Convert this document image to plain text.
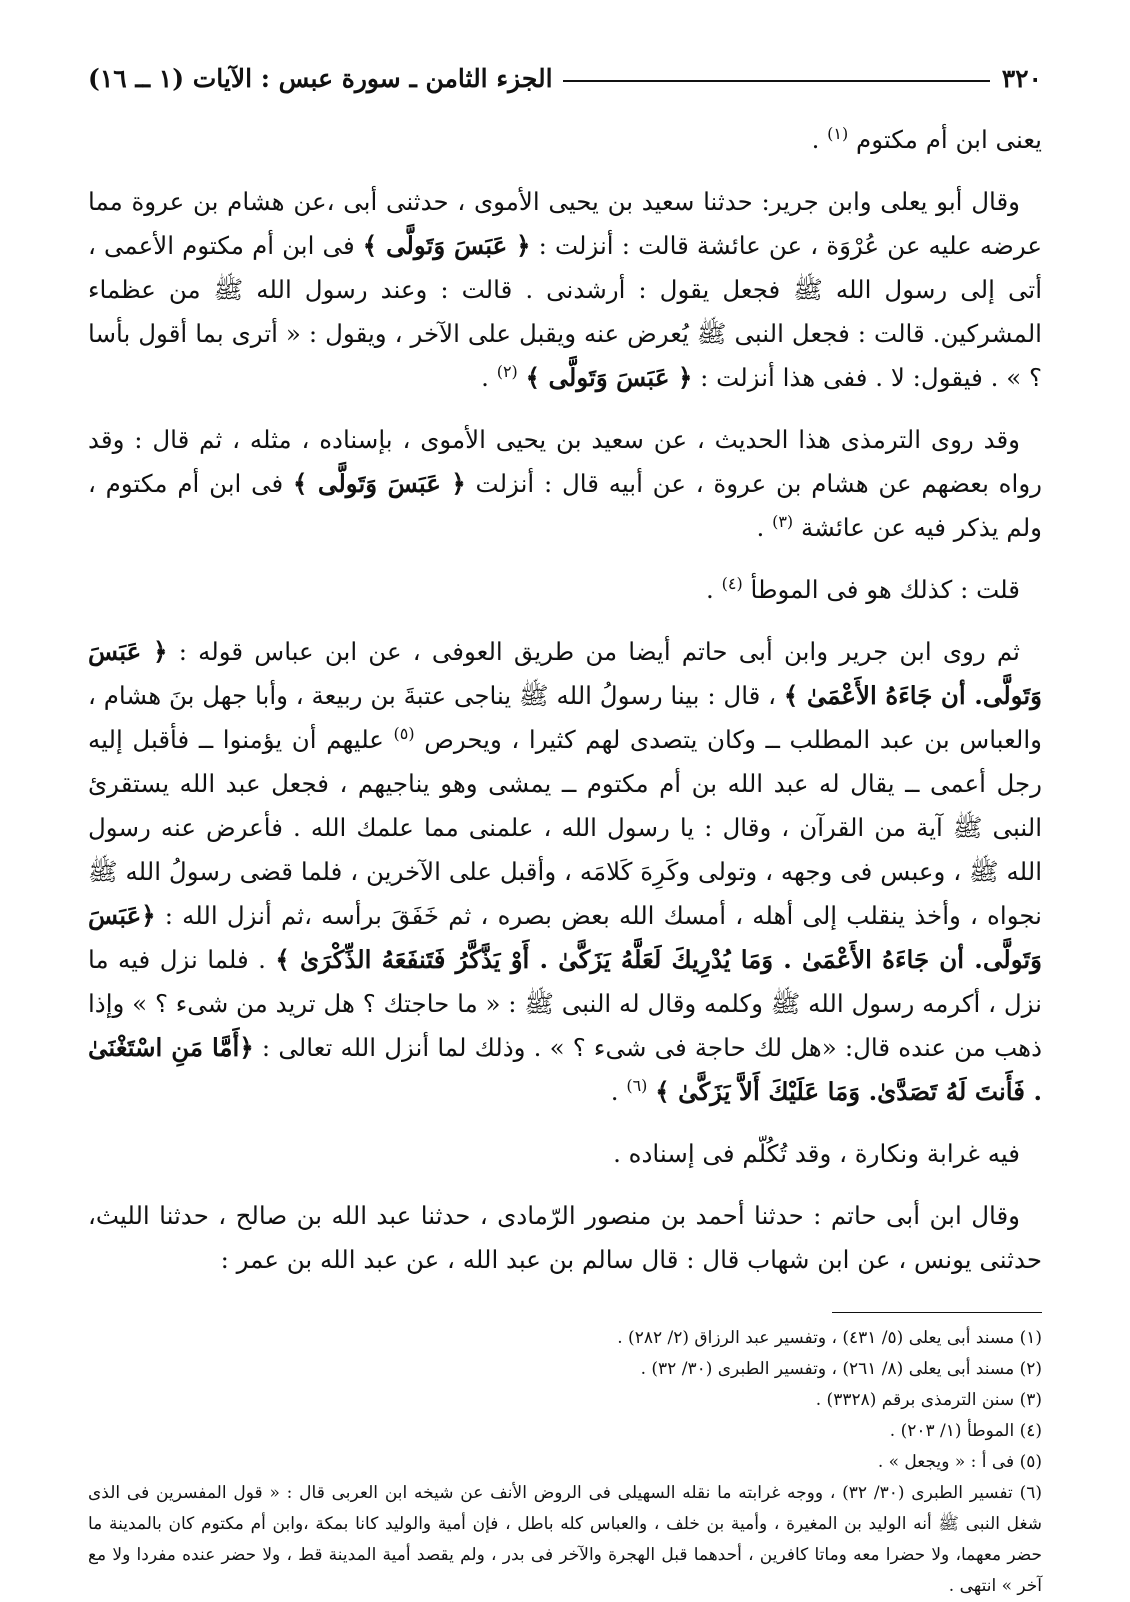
٣٢٠
الجزء الثامن ـ سورة عبس : الآيات (١ ــ ١٦)

يعنى ابن أم مكتوم $^{(١)}$ .

وقال أبو يعلى وابن جرير: حدثنا سعيد بن يحيى الأموى ، حدثنى أبى ،عن هشام بن عروة مما عرضه عليه عن عُرْوَة ، عن عائشة قالت : أنزلت : ﴿ عَبَسَ وَتَولَّى ﴾ فى ابن أم مكتوم الأعمى ، أتى إلى رسول الله ﷺ فجعل يقول : أرشدنى . قالت : وعند رسول الله ﷺ من عظماء المشركين. قالت : فجعل النبى ﷺ يُعرض عنه ويقبل على الآخر ، ويقول : « أترى بما أقول بأسا ؟ » . فيقول: لا . ففى هذا أنزلت : ﴿ عَبَسَ وَتَولَّى ﴾ $^{(٢)}$ .

وقد روى الترمذى هذا الحديث ، عن سعيد بن يحيى الأموى ، بإسناده ، مثله ، ثم قال : وقد رواه بعضهم عن هشام بن عروة ، عن أبيه قال : أنزلت ﴿ عَبَسَ وَتَولَّى ﴾ فى ابن أم مكتوم ، ولم يذكر فيه عن عائشة $^{(٣)}$ .

قلت : كذلك هو فى الموطأ $^{(٤)}$ .

ثم روى ابن جرير وابن أبى حاتم أيضا من طريق العوفى ، عن ابن عباس قوله : ﴿ عَبَسَ وَتَولَّى. أن جَاءَهُ الأَعْمَىٰ ﴾ ، قال : بينا رسولُ الله ﷺ يناجى عتبةَ بن ربيعة ، وأبا جهل بنَ هشام ، والعباس بن عبد المطلب ــ وكان يتصدى لهم كثيرا ، ويحرص $^{(٥)}$ عليهم أن يؤمنوا ــ فأقبل إليه رجل أعمى ــ يقال له عبد الله بن أم مكتوم ــ يمشى وهو يناجيهم ، فجعل عبد الله يستقرئ النبى ﷺ آية من القرآن ، وقال : يا رسول الله ، علمنى مما علمك الله . فأعرض عنه رسول الله ﷺ ، وعبس فى وجهه ، وتولى وكَرِهَ كَلامَه ، وأقبل على الآخرين ، فلما قضى رسولُ الله ﷺ نجواه ، وأخذ ينقلب إلى أهله ، أمسك الله بعض بصره ، ثم خَفَقَ برأسه ،ثم أنزل الله : ﴿عَبَسَ وَتَولَّى. أن جَاءَهُ الأَعْمَىٰ . وَمَا يُدْرِيكَ لَعَلَّهُ يَزَكَّىٰ . أَوْ يَذَّكَّرُ فَتَنفَعَهُ الذِّكْرَىٰ ﴾ . فلما نزل فيه ما نزل ، أكرمه رسول الله ﷺ وكلمه وقال له النبى ﷺ : « ما حاجتك ؟ هل تريد من شىء ؟ » وإذا ذهب من عنده قال: «هل لك حاجة فى شىء ؟ » . وذلك لما أنزل الله تعالى : ﴿أَمَّا مَنِ اسْتَغْنَىٰ . فَأَنتَ لَهُ تَصَدَّىٰ. وَمَا عَلَيْكَ أَلاَّ يَزَكَّىٰ ﴾ $^{(٦)}$ .

فيه غرابة ونكارة ، وقد تُكُلّم فى إسناده .

وقال ابن أبى حاتم : حدثنا أحمد بن منصور الرّمادى ، حدثنا عبد الله بن صالح ، حدثنا الليث، حدثنى يونس ، عن ابن شهاب قال : قال سالم بن عبد الله ، عن عبد الله بن عمر :

(١) مسند أبى يعلى (٥/ ٤٣١) ، وتفسير عبد الرزاق (٢/ ٢٨٢) .

(٢) مسند أبى يعلى (٨/ ٢٦١) ، وتفسير الطبرى (٣٠/ ٣٢) .

(٣) سنن الترمذى برقم (٣٣٢٨) .

(٤) الموطأ (١/ ٢٠٣) .

(٥) فى أ : « ويجعل » .

(٦) تفسير الطبرى (٣٠/ ٣٢) ، ووجه غرابته ما نقله السهيلى فى الروض الأنف عن شيخه ابن العربى قال : « قول المفسرين فى الذى شغل النبى ﷺ أنه الوليد بن المغيرة ، وأمية بن خلف ، والعباس كله باطل ، فإن أمية والوليد كانا بمكة ،وابن أم مكتوم كان بالمدينة ما حضر معهما، ولا حضرا معه وماتا كافرين ، أحدهما قبل الهجرة والآخر فى بدر ، ولم يقصد أمية المدينة قط ، ولا حضر عنده مفردا ولا مع آخر » انتهى .
